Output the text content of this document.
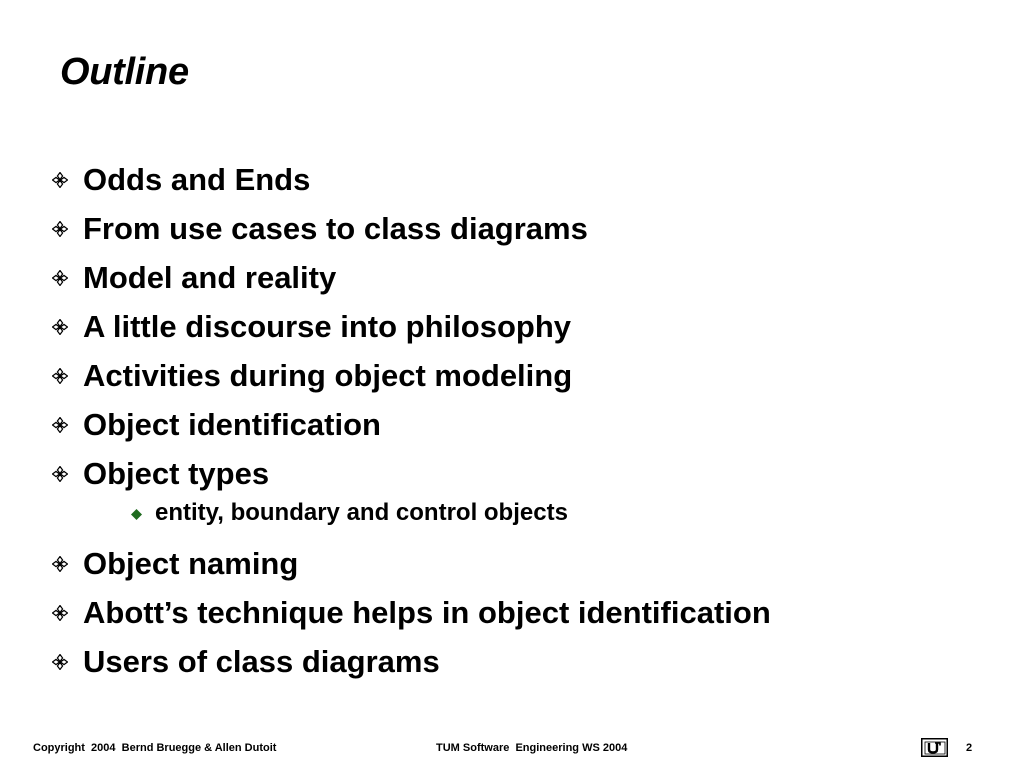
Outline
Odds and Ends
From use cases to class diagrams
Model and reality
A little discourse into philosophy
Activities during object modeling
Object identification
Object types
entity, boundary and control objects
Object naming
Abott’s technique helps in object identification
Users of class diagrams
Copyright  2004  Bernd Bruegge & Allen Dutoit	TUM Software  Engineering WS 2004	2
